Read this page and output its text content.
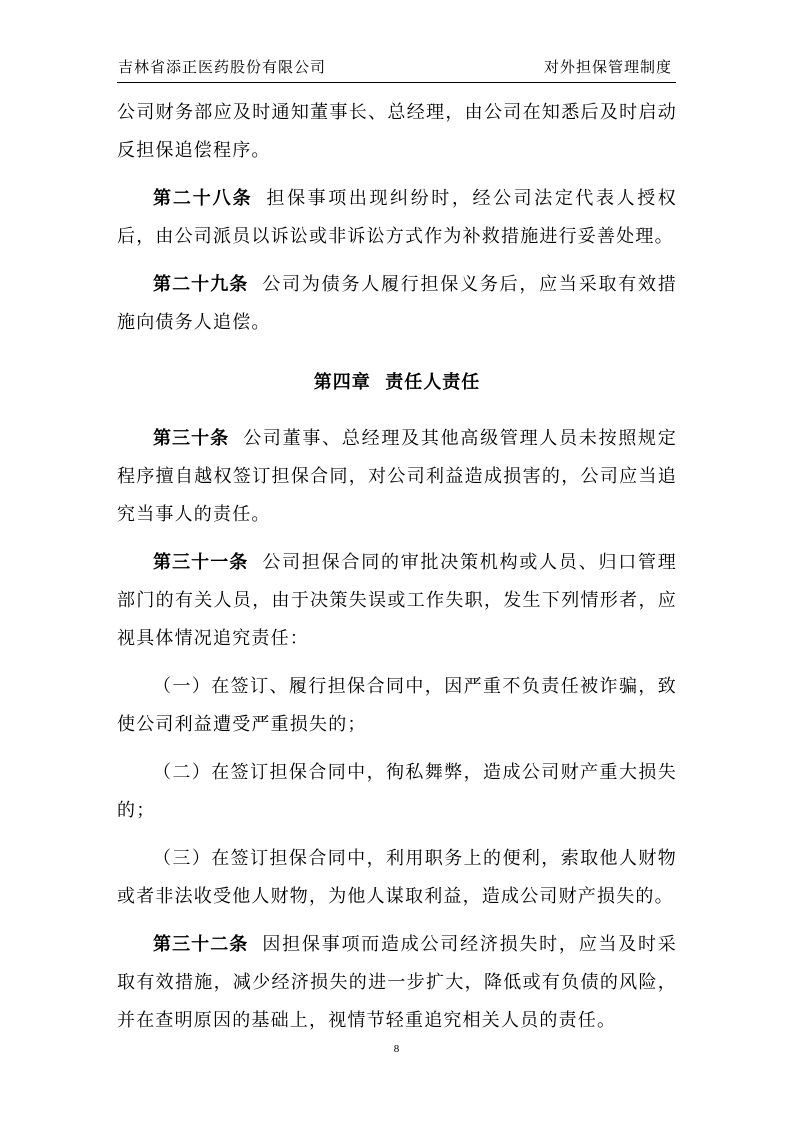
吉林省添正医药股份有限公司	对外担保管理制度

公司财务部应及时通知董事长、总经理，由公司在知悉后及时启动反担保追偿程序。

第二十八条 担保事项出现纠纷时，经公司法定代表人授权后，由公司派员以诉讼或非诉讼方式作为补救措施进行妥善处理。

第二十九条 公司为债务人履行担保义务后，应当采取有效措施向债务人追偿。

第四章  责任人责任

第三十条 公司董事、总经理及其他高级管理人员未按照规定程序擅自越权签订担保合同，对公司利益造成损害的，公司应当追究当事人的责任。

第三十一条 公司担保合同的审批决策机构或人员、归口管理部门的有关人员，由于决策失误或工作失职，发生下列情形者，应视具体情况追究责任：

（一）在签订、履行担保合同中，因严重不负责任被诈骗，致使公司利益遭受严重损失的；

（二）在签订担保合同中，徇私舞弊，造成公司财产重大损失的；

（三）在签订担保合同中，利用职务上的便利，索取他人财物或者非法收受他人财物，为他人谋取利益，造成公司财产损失的。

第三十二条 因担保事项而造成公司经济损失时，应当及时采取有效措施，减少经济损失的进一步扩大，降低或有负债的风险，并在查明原因的基础上，视情节轻重追究相关人员的责任。

8
